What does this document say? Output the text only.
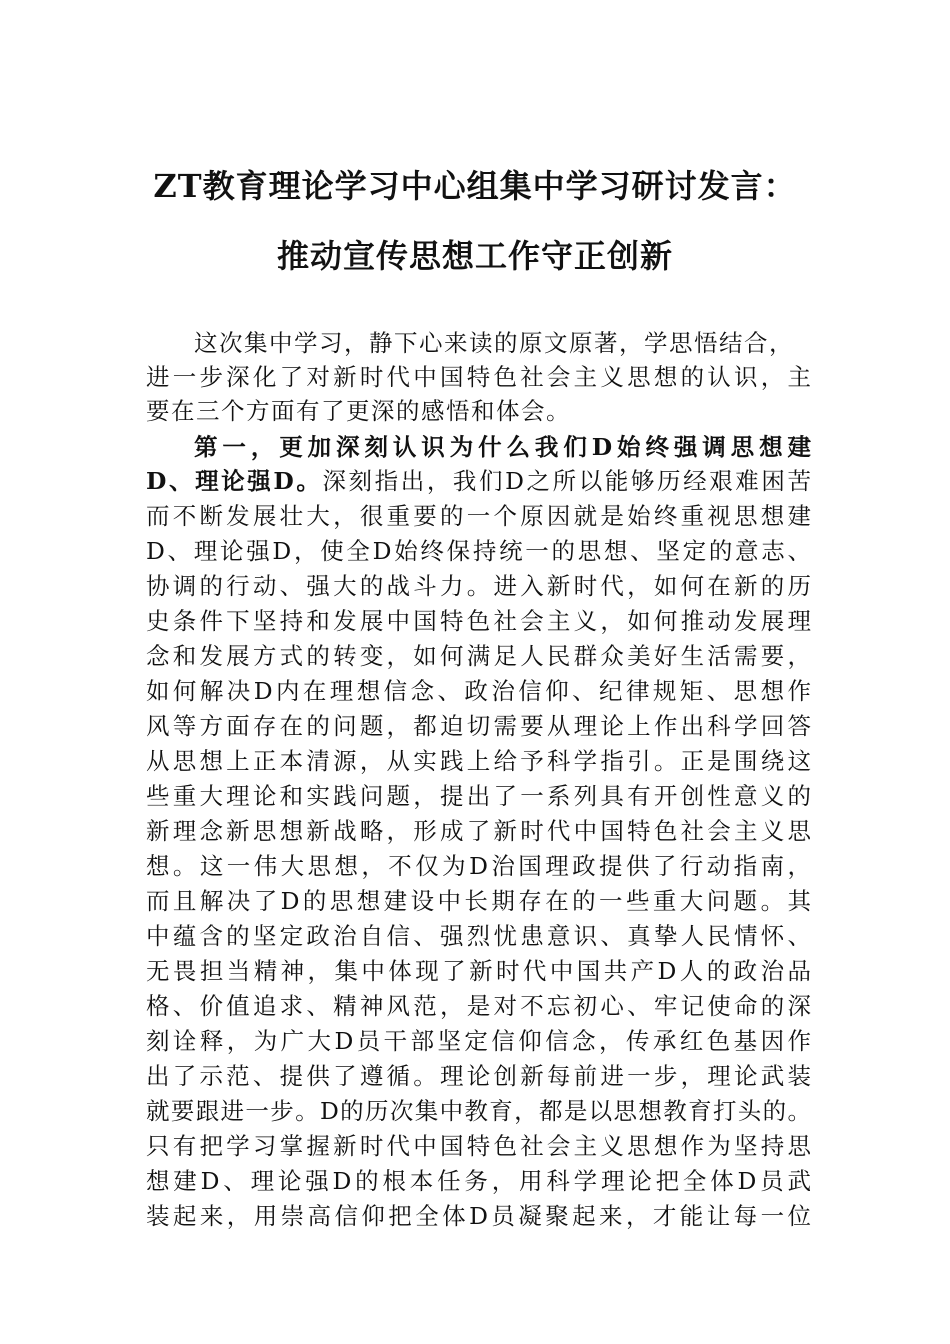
ZT教育理论学习中心组集中学习研讨发言：
推动宣传思想工作守正创新
这次集中学习，静下心来读的原文原著，学思悟结合，
进一步深化了对新时代中国特色社会主义思想的认识，主
要在三个方面有了更深的感悟和体会。
第一，更加深刻认识为什么我们D始终强调思想建
D、理论强D。深刻指出，我们D之所以能够历经艰难困苦
而不断发展壮大，很重要的一个原因就是始终重视思想建
D、理论强D，使全D始终保持统一的思想、坚定的意志、
协调的行动、强大的战斗力。进入新时代，如何在新的历
史条件下坚持和发展中国特色社会主义，如何推动发展理
念和发展方式的转变，如何满足人民群众美好生活需要，
如何解决D内在理想信念、政治信仰、纪律规矩、思想作
风等方面存在的问题，都迫切需要从理论上作出科学回答
从思想上正本清源，从实践上给予科学指引。正是围绕这
些重大理论和实践问题，提出了一系列具有开创性意义的
新理念新思想新战略，形成了新时代中国特色社会主义思
想。这一伟大思想，不仅为D治国理政提供了行动指南，
而且解决了D的思想建设中长期存在的一些重大问题。其
中蕴含的坚定政治自信、强烈忧患意识、真挚人民情怀、
无畏担当精神，集中体现了新时代中国共产D人的政治品
格、价值追求、精神风范，是对不忘初心、牢记使命的深
刻诠释，为广大D员干部坚定信仰信念，传承红色基因作
出了示范、提供了遵循。理论创新每前进一步，理论武装
就要跟进一步。D的历次集中教育，都是以思想教育打头的。
只有把学习掌握新时代中国特色社会主义思想作为坚持思
想建D、理论强D的根本任务，用科学理论把全体D员武
装起来，用崇高信仰把全体D员凝聚起来，才能让每一位
